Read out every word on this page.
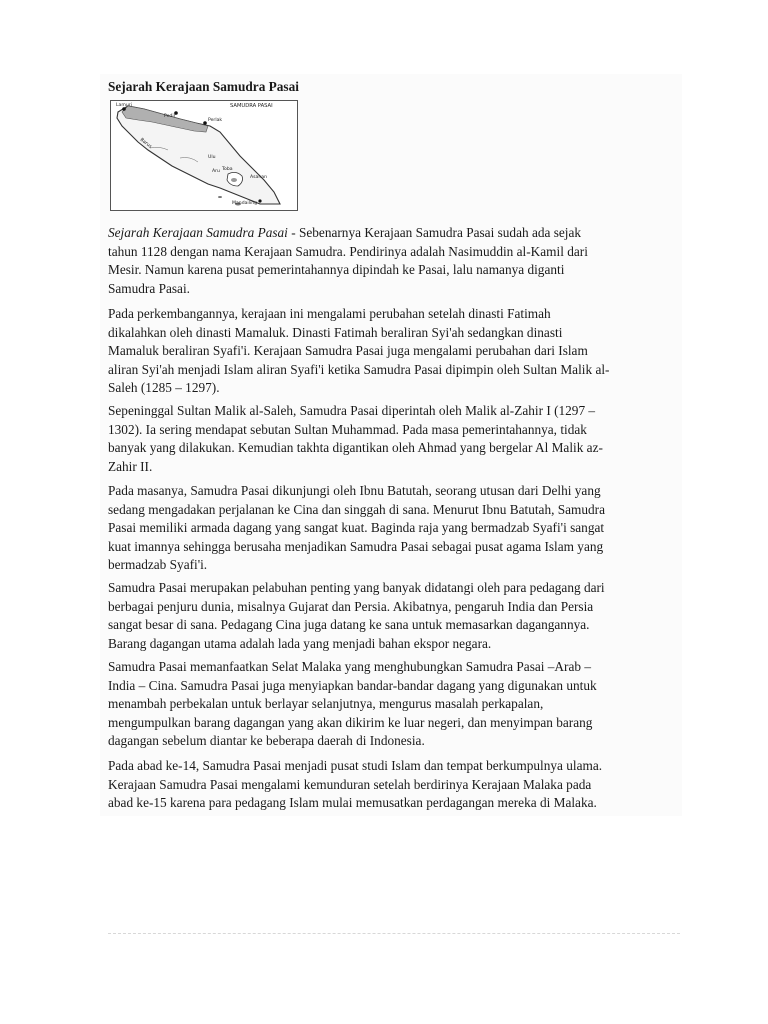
Sejarah Kerajaan Samudra Pasai
SAMUDRA PASAI
Lamuri
Pedir
Perlak
Barus
Ulu
Toba
Aru
Asahan
Mandailing

Sejarah Kerajaan Samudra Pasai - Sebenarnya Kerajaan Samudra Pasai sudah ada sejak
tahun 1128 dengan nama Kerajaan Samudra. Pendirinya adalah Nasimuddin al-Kamil dari
Mesir. Namun karena pusat pemerintahannya dipindah ke Pasai, lalu namanya diganti
Samudra Pasai.

Pada perkembangannya, kerajaan ini mengalami perubahan setelah dinasti Fatimah
dikalahkan oleh dinasti Mamaluk. Dinasti Fatimah beraliran Syi'ah sedangkan dinasti
Mamaluk beraliran Syafi'i. Kerajaan Samudra Pasai juga mengalami perubahan dari Islam
aliran Syi'ah menjadi Islam aliran Syafi'i ketika Samudra Pasai dipimpin oleh Sultan Malik al-
Saleh (1285 – 1297).

Sepeninggal Sultan Malik al-Saleh, Samudra Pasai diperintah oleh Malik al-Zahir I (1297 –
1302). Ia sering mendapat sebutan Sultan Muhammad. Pada masa pemerintahannya, tidak
banyak yang dilakukan. Kemudian takhta digantikan oleh Ahmad yang bergelar Al Malik az-
Zahir II.

Pada masanya, Samudra Pasai dikunjungi oleh Ibnu Batutah, seorang utusan dari Delhi yang
sedang mengadakan perjalanan ke Cina dan singgah di sana. Menurut Ibnu Batutah, Samudra
Pasai memiliki armada dagang yang sangat kuat. Baginda raja yang bermadzab Syafi'i sangat
kuat imannya sehingga berusaha menjadikan Samudra Pasai sebagai pusat agama Islam yang
bermadzab Syafi'i.

Samudra Pasai merupakan pelabuhan penting yang banyak didatangi oleh para pedagang dari
berbagai penjuru dunia, misalnya Gujarat dan Persia. Akibatnya, pengaruh India dan Persia
sangat besar di sana. Pedagang Cina juga datang ke sana untuk memasarkan dagangannya.
Barang dagangan utama adalah lada yang menjadi bahan ekspor negara.

Samudra Pasai memanfaatkan Selat Malaka yang menghubungkan Samudra Pasai –Arab –
India – Cina. Samudra Pasai juga menyiapkan bandar-bandar dagang yang digunakan untuk
menambah perbekalan untuk berlayar selanjutnya, mengurus masalah perkapalan,
mengumpulkan barang dagangan yang akan dikirim ke luar negeri, dan menyimpan barang
dagangan sebelum diantar ke beberapa daerah di Indonesia.

Pada abad ke-14, Samudra Pasai menjadi pusat studi Islam dan tempat berkumpulnya ulama.
Kerajaan Samudra Pasai mengalami kemunduran setelah berdirinya Kerajaan Malaka pada
abad ke-15 karena para pedagang Islam mulai memusatkan perdagangan mereka di Malaka.
